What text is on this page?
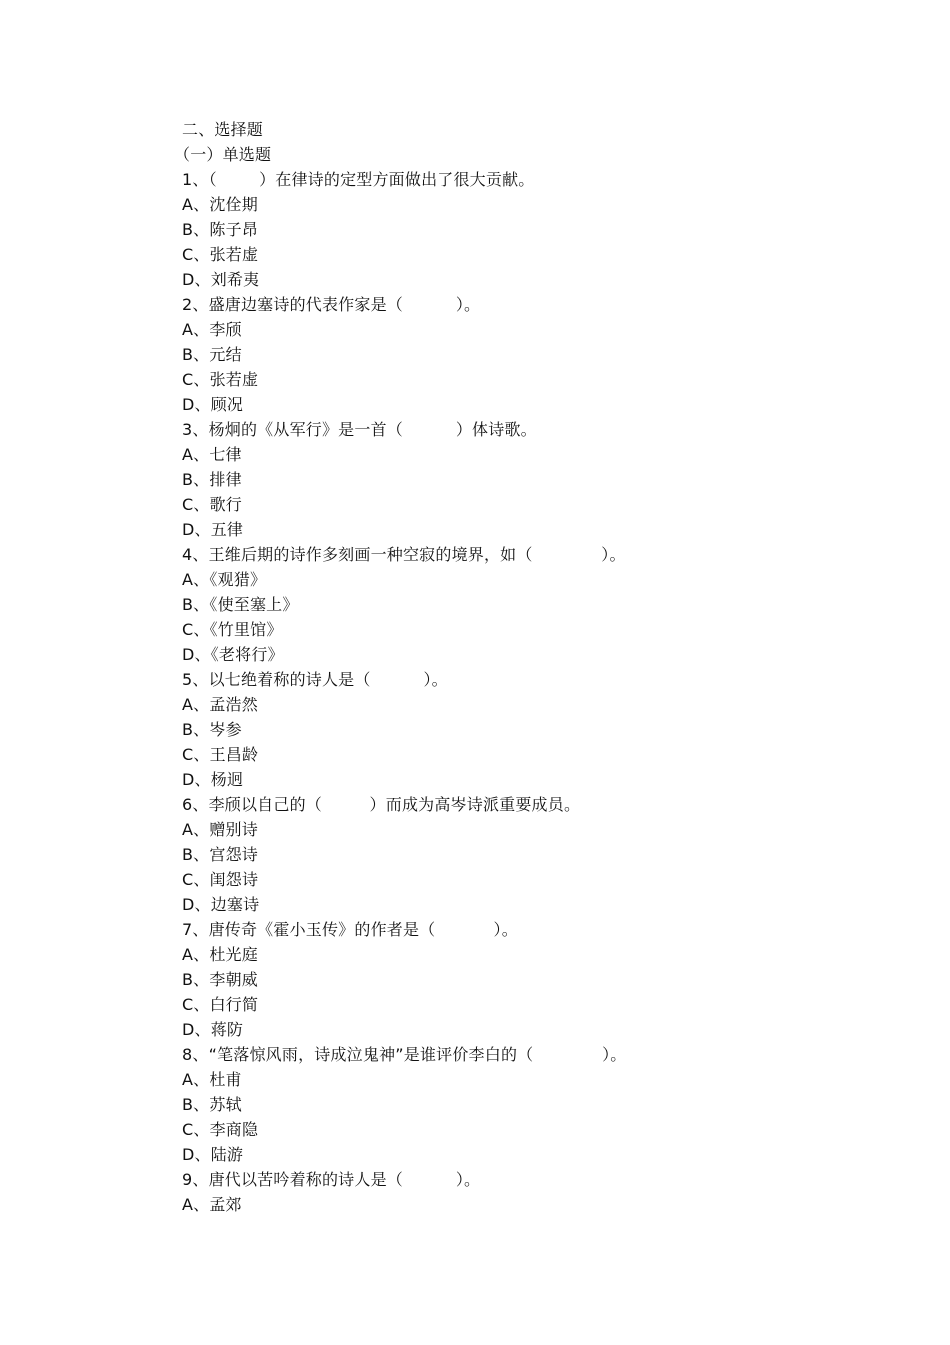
二、选择题
（一）单选题
1、（        ）在律诗的定型方面做出了很大贡献。
A、沈佺期
B、陈子昂
C、张若虚
D、刘希夷
2、盛唐边塞诗的代表作家是（          ）。
A、李颀
B、元结
C、张若虚
D、顾况
3、杨炯的《从军行》是一首（          ）体诗歌。
A、七律
B、排律
C、歌行
D、五律
4、王维后期的诗作多刻画一种空寂的境界，如（             ）。
A、《观猎》
B、《使至塞上》
C、《竹里馆》
D、《老将行》
5、以七绝着称的诗人是（          ）。
A、孟浩然
B、岑参
C、王昌龄
D、杨迥
6、李颀以自己的（         ）而成为高岑诗派重要成员。
A、赠别诗
B、宫怨诗
C、闺怨诗
D、边塞诗
7、唐传奇《霍小玉传》的作者是（           ）。
A、杜光庭
B、李朝威
C、白行简
D、蒋防
8、“笔落惊风雨，诗成泣鬼神”是谁评价李白的（             ）。
A、杜甫
B、苏轼
C、李商隐
D、陆游
9、唐代以苦吟着称的诗人是（          ）。
A、孟郊
